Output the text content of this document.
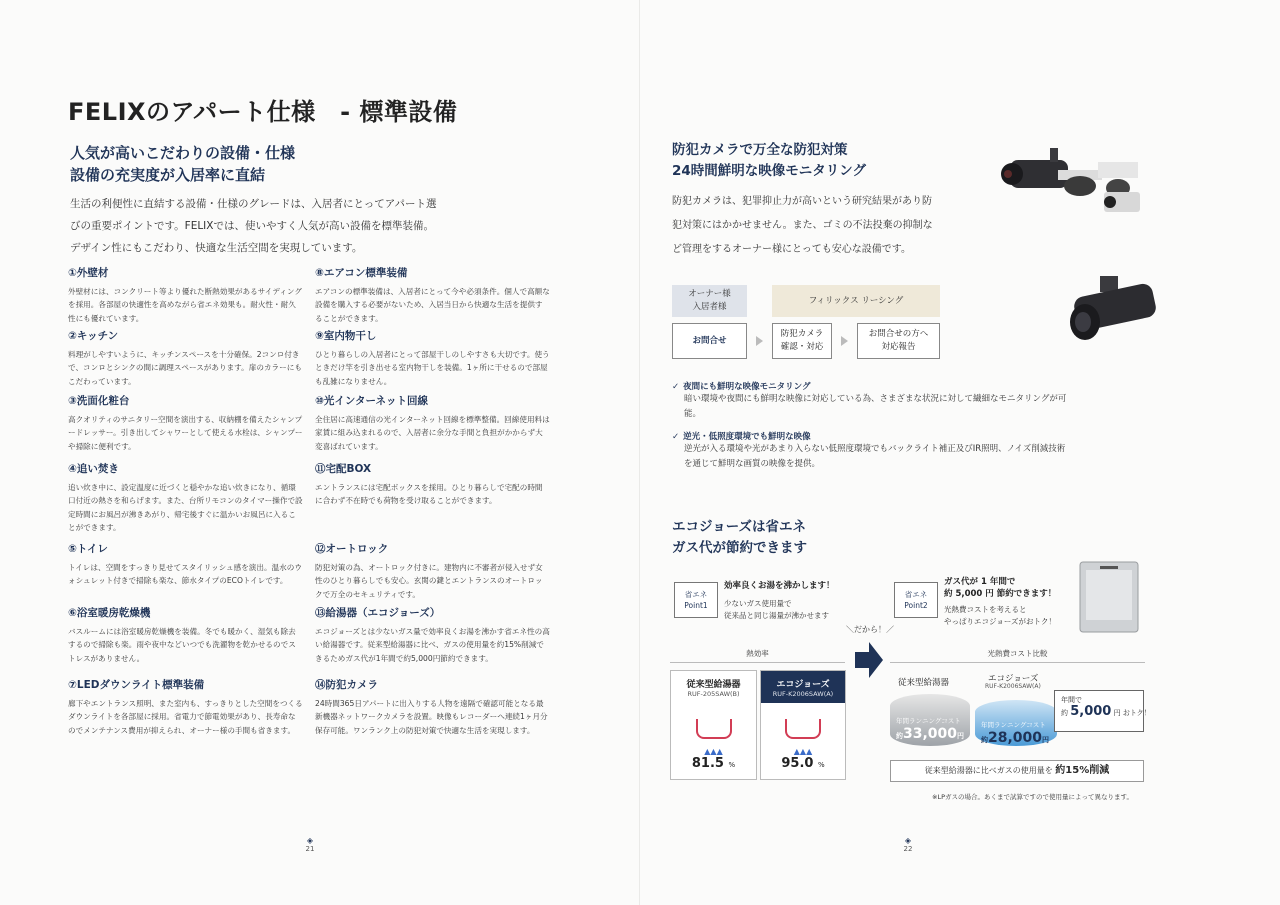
FELIXのアパート仕様　- 標準設備
人気が高いこだわりの設備・仕様
設備の充実度が入居率に直結
生活の利便性に直結する設備・仕様のグレードは、入居者にとってアパート選
びの重要ポイントです。FELIXでは、使いやすく人気が高い設備を標準装備。
デザイン性にもこだわり、快適な生活空間を実現しています。
①外壁材

外壁材には、コンクリート等より優れた断熱効果があるサイディングを採用。各部屋の快適性を高めながら省エネ効果も。耐火性・耐久性にも優れています。

②キッチン

料理がしやすいように、キッチンスペースを十分確保。2コンロ付きで、コンロとシンクの間に調理スペースがあります。扉のカラーにもこだわっています。

③洗面化粧台

高クオリティのサニタリー空間を演出する、収納棚を備えたシャンプードレッサー。引き出してシャワーとして使える水栓は、シャンプーや掃除に便利です。

④追い焚き

追い炊き中に、設定温度に近づくと穏やかな追い炊きになり、循環口付近の熱さを和らげます。また、台所リモコンのタイマー操作で設定時間にお風呂が沸きあがり、帰宅後すぐに温かいお風呂に入ることができます。

⑤トイレ

トイレは、空間をすっきり見せてスタイリッシュ感を演出。温水のウォシュレット付きで掃除も楽な、節水タイプのECOトイレです。

⑥浴室暖房乾燥機

バスルームには浴室暖房乾燥機を装備。冬でも暖かく、湿気も除去するので掃除も楽。雨や夜中などいつでも洗濯物を乾かせるのでストレスがありません。

⑦LEDダウンライト標準装備

廊下やエントランス照明、また室内も、すっきりとした空間をつくるダウンライトを各部屋に採用。省電力で節電効果があり、長寿命なのでメンテナンス費用が抑えられ、オーナー様の手間も省きます。

⑧エアコン標準装備

エアコンの標準装備は、入居者にとって今や必須条件。個人で高額な設備を購入する必要がないため、入居当日から快適な生活を提供することができます。

⑨室内物干し

ひとり暮らしの入居者にとって部屋干しのしやすさも大切です。使うときだけ竿を引き出せる室内物干しを装備。1ヶ所に干せるので部屋も乱雑になりません。

⑩光インターネット回線

全住居に高速通信の光インターネット回線を標準整備。回線使用料は家賃に組み込まれるので、入居者に余分な手間と負担がかからず大変喜ばれています。

⑪宅配BOX

エントランスには宅配ボックスを採用。ひとり暮らしで宅配の時間に合わず不在時でも荷物を受け取ることができます。

⑫オートロック

防犯対策の為、オートロック付きに。建物内に不審者が侵入せず女性のひとり暮らしでも安心。玄関の鍵とエントランスのオートロックで万全のセキュリティです。

⑬給湯器（エコジョーズ）

エコジョーズとは少ないガス量で効率良くお湯を沸かす省エネ性の高い給湯器です。従来型給湯器に比べ、ガスの使用量を約15%削減できるためガス代が1年間で約5,000円節約できます。

⑭防犯カメラ

24時間365日アパートに出入りする人物を遠隔で確認可能となる最新機器ネットワークカメラを設置。映像もレコーダーへ連続1ヶ月分保存可能。ワンランク上の防犯対策で快適な生活を実現します。

◈
21
防犯カメラで万全な防犯対策
24時間鮮明な映像モニタリング
防犯カメラは、犯罪抑止力が高いという研究結果があり防
犯対策にはかかせません。また、ゴミの不法投棄の抑制な
ど管理をするオーナー様にとっても安心な設備です。
オーナー様
入居者様
フィリックス リーシング
お問合せ
防犯カメラ
確認・対応
お問合せの方へ
対応報告
✓ 夜間にも鮮明な映像モニタリング

暗い環境や夜間にも鮮明な映像に対応している為、さまざまな状況に対して繊細なモニタリングが可能。

✓ 逆光・低照度環境でも鮮明な映像

逆光が入る環境や光があまり入らない低照度環境でもバックライト補正及びIR照明、ノイズ削減技術を通じて鮮明な画質の映像を提供。

エコジョーズは省エネ
ガス代が節約できます
省エネ
Point1
効率良くお湯を沸かします！
少ないガス使用量で
従来品と同じ湯量が沸かせます
省エネ
Point2
ガス代が 1 年間で
約 5,000 円 節約できます！
光熱費コストを考えると
やっぱりエコジョーズがおトク！
＼だから！／
熱効率	光熱費コスト比較
従来型給湯器
RUF-205SAW(B)
▲▲▲
81.5 %
エコジョーズ
RUF-K2006SAW(A)
▲▲▲
95.0 %
従来型給湯器
年間ランニングコスト
約33,000円
エコジョーズ
RUF-K2006SAW(A)
年間ランニングコスト
約28,000円
年間で
約 5,000 円 おトク！
従来型給湯器に比べガスの使用量を 約15%削減
※LPガスの場合。あくまで試算ですので使用量によって異なります。
◈
22
